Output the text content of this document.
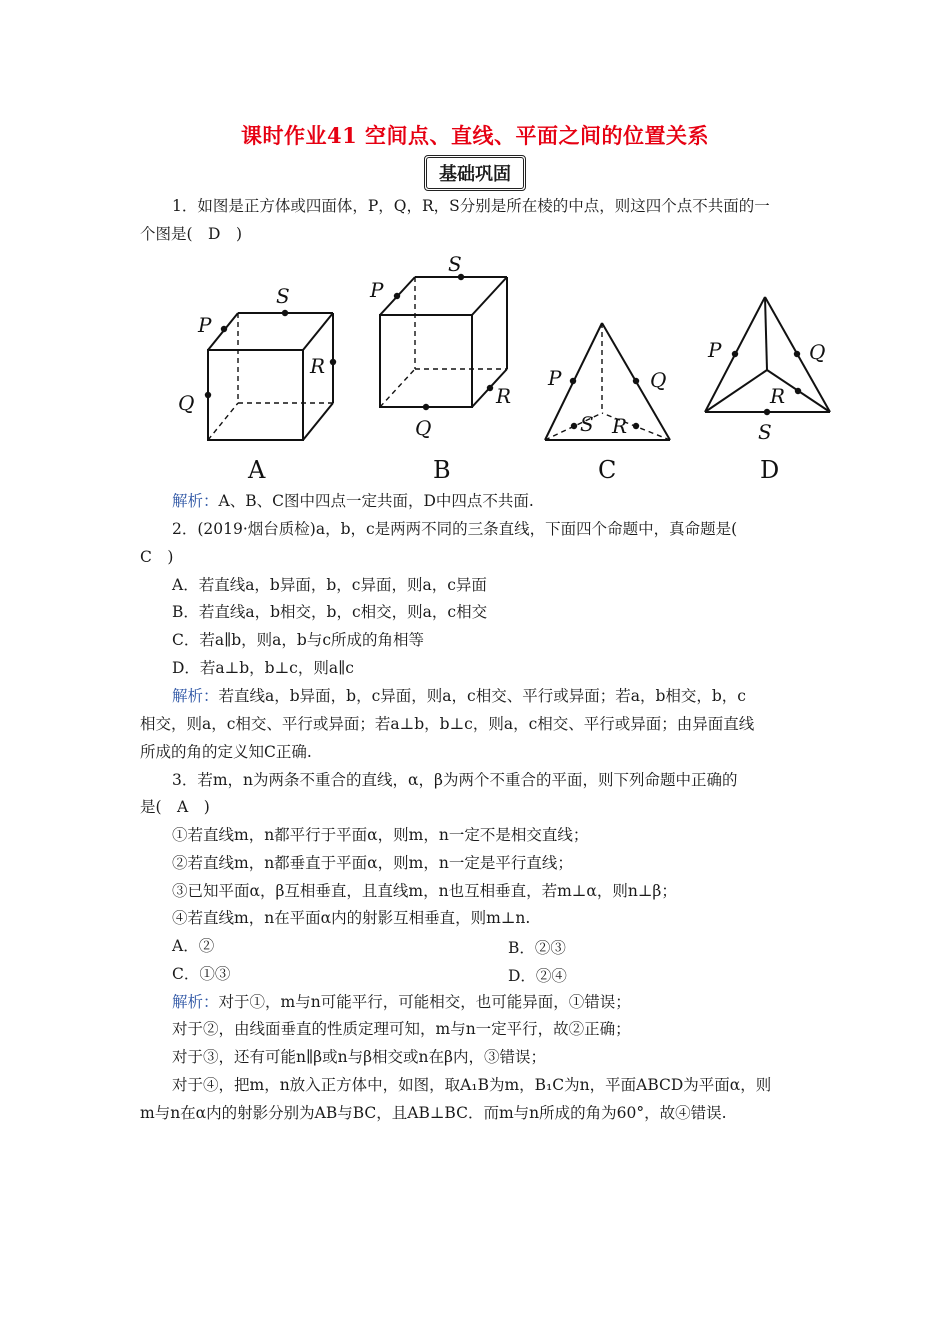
课时作业41 空间点、直线、平面之间的位置关系
基础巩固
1．如图是正方体或四面体，P，Q，R，S分别是所在棱的中点，则这四个点不共面的一
个图是(　D　)
P
Q
R
S	P
Q
R
S
P	Q
R
S
P	Q
R
S
A	B	C	D
解析：A、B、C图中四点一定共面，D中四点不共面.
2．(2019·烟台质检)a，b，c是两两不同的三条直线，下面四个命题中，真命题是(
C　)
A．若直线a，b异面，b，c异面，则a，c异面
B．若直线a，b相交，b，c相交，则a，c相交
C．若a∥b，则a，b与c所成的角相等
D．若a⊥b，b⊥c，则a∥c
解析：若直线a，b异面，b，c异面，则a，c相交、平行或异面；若a，b相交，b，c
相交，则a，c相交、平行或异面；若a⊥b，b⊥c，则a，c相交、平行或异面；由异面直线
所成的角的定义知C正确.
3．若m，n为两条不重合的直线，α，β为两个不重合的平面，则下列命题中正确的
是(　A　)
①若直线m，n都平行于平面α，则m，n一定不是相交直线；
②若直线m，n都垂直于平面α，则m，n一定是平行直线；
③已知平面α，β互相垂直，且直线m，n也互相垂直，若m⊥α，则n⊥β；
④若直线m，n在平面α内的射影互相垂直，则m⊥n.
A．②	B．②③
C．①③	D．②④
解析：对于①，m与n可能平行，可能相交，也可能异面，①错误；
对于②，由线面垂直的性质定理可知，m与n一定平行，故②正确；
对于③，还有可能n∥β或n与β相交或n在β内，③错误；
对于④，把m，n放入正方体中，如图，取A₁B为m，B₁C为n，平面ABCD为平面α，则
m与n在α内的射影分别为AB与BC，且AB⊥BC．而m与n所成的角为60°，故④错误.
